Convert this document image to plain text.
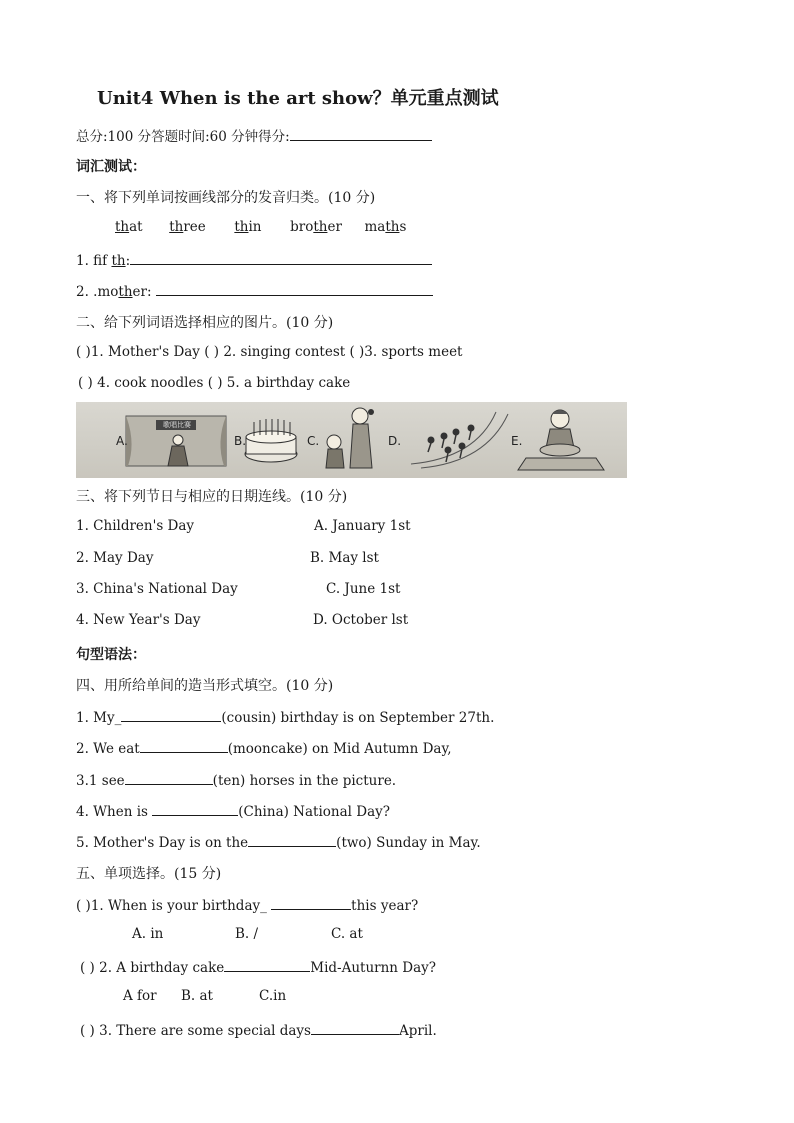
Unit4 When is the art show？单元重点测试
总分:100 分答题时间:60 分钟得分:
词汇测试：
一、将下列单词按画线部分的发音归类。(10 分)
that three thin brother maths
1. fif th:
2. .mother:
二、给下列词语选择相应的图片。(10 分)
( )1. Mother's Day ( ) 2. singing contest ( )3. sports meet
( ) 4. cook noodles ( ) 5. a birthday cake
A.	B.	C.	D.	E.
歌唱比赛
三、将下列节日与相应的日期连线。(10 分)
1. Children's Day	A. January 1st
2. May Day	B. May lst
3. China's National Day	C. June 1st
4. New Year's Day	D. October lst
句型语法：
四、用所给单间的造当形式填空。(10 分)
1. My_	(cousin) birthday is on September 27th.
2. We eat	(mooncake) on Mid Autumn Day,
3.1 see	(ten) horses in the picture.
4. When is	(China) National Day?
5. Mother's Day is on the	(two) Sunday in May.
五、单项选择。(15 分)
( )1. When is your birthday_	this year?
A. in	B. /	C. at
( ) 2. A birthday cake	Mid-Auturnn Day?
A for B. at	C.in
( ) 3. There are some special days	April.
